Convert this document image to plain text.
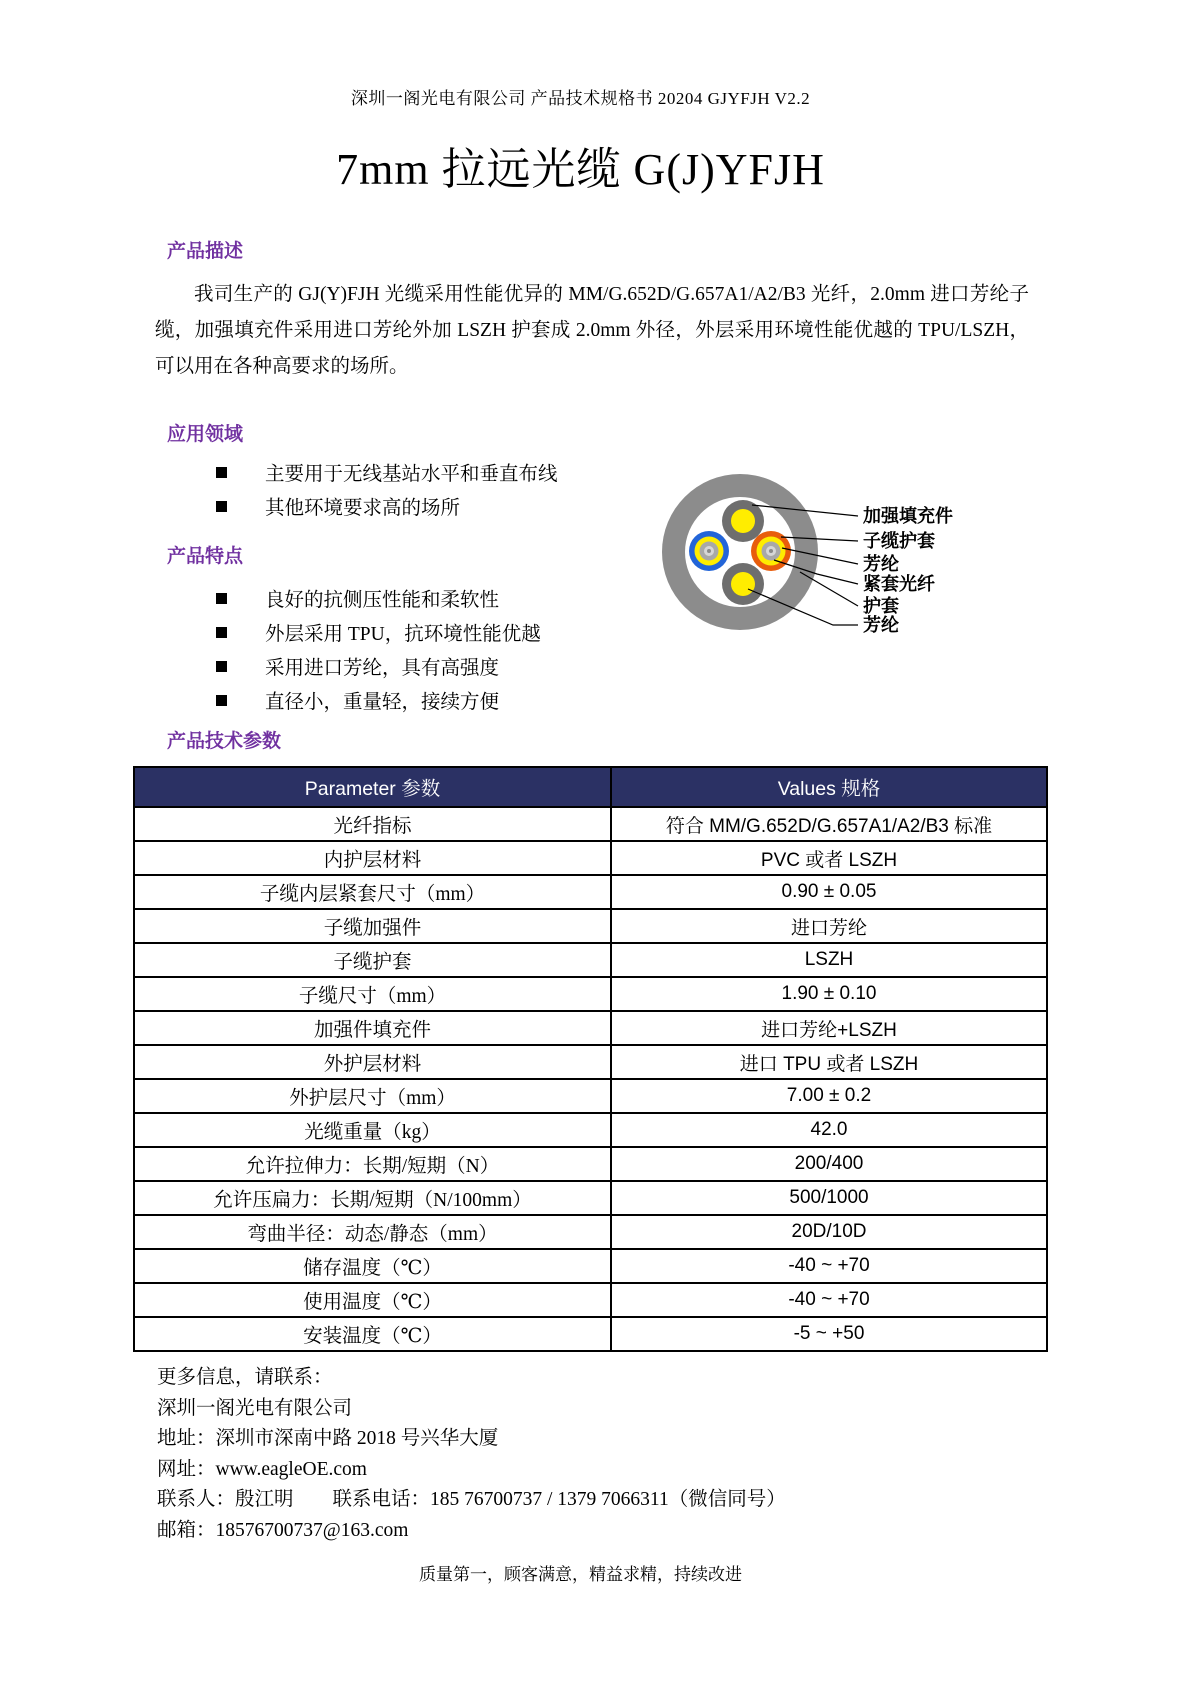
深圳一阁光电有限公司 产品技术规格书 20204 GJYFJH V2.2
7mm 拉远光缆 G(J)YFJH
产品描述

我司生产的 GJ(Y)FJH 光缆采用性能优异的 MM/G.652D/G.657A1/A2/B3 光纤，2.0mm 进口芳纶子缆，加强填充件采用进口芳纶外加 LSZH 护套成 2.0mm 外径，外层采用环境性能优越的 TPU/LSZH，可以用在各种高要求的场所。

应用领域
主要用于无线基站水平和垂直布线
其他环境要求高的场所
产品特点
良好的抗侧压性能和柔软性
外层采用 TPU，抗环境性能优越
采用进口芳纶，具有高强度
直径小，重量轻，接续方便
加强填充件
子缆护套
芳纶
紧套光纤
护套
芳纶
产品技术参数
Parameter 参数	Values 规格
光纤指标	符合 MM/G.652D/G.657A1/A2/B3 标准
内护层材料	PVC 或者 LSZH
子缆内层紧套尺寸（mm）	0.90 ± 0.05
子缆加强件	进口芳纶
子缆护套	LSZH
子缆尺寸（mm）	1.90 ± 0.10
加强件填充件	进口芳纶+LSZH
外护层材料	进口 TPU 或者 LSZH
外护层尺寸（mm）	7.00 ± 0.2
光缆重量（kg）	42.0
允许拉伸力：长期/短期（N）	200/400
允许压扁力：长期/短期（N/100mm）	500/1000
弯曲半径：动态/静态（mm）	20D/10D
储存温度（℃）	-40 ~ +70
使用温度（℃）	-40 ~ +70
安装温度（℃）	-5 ~ +50
更多信息，请联系：
深圳一阁光电有限公司
地址：深圳市深南中路 2018 号兴华大厦
网址：www.eagleOE.com
联系人：殷江明　　联系电话：185 76700737 / 1379 7066311（微信同号）
邮箱：18576700737@163.com
质量第一，顾客满意，精益求精，持续改进
